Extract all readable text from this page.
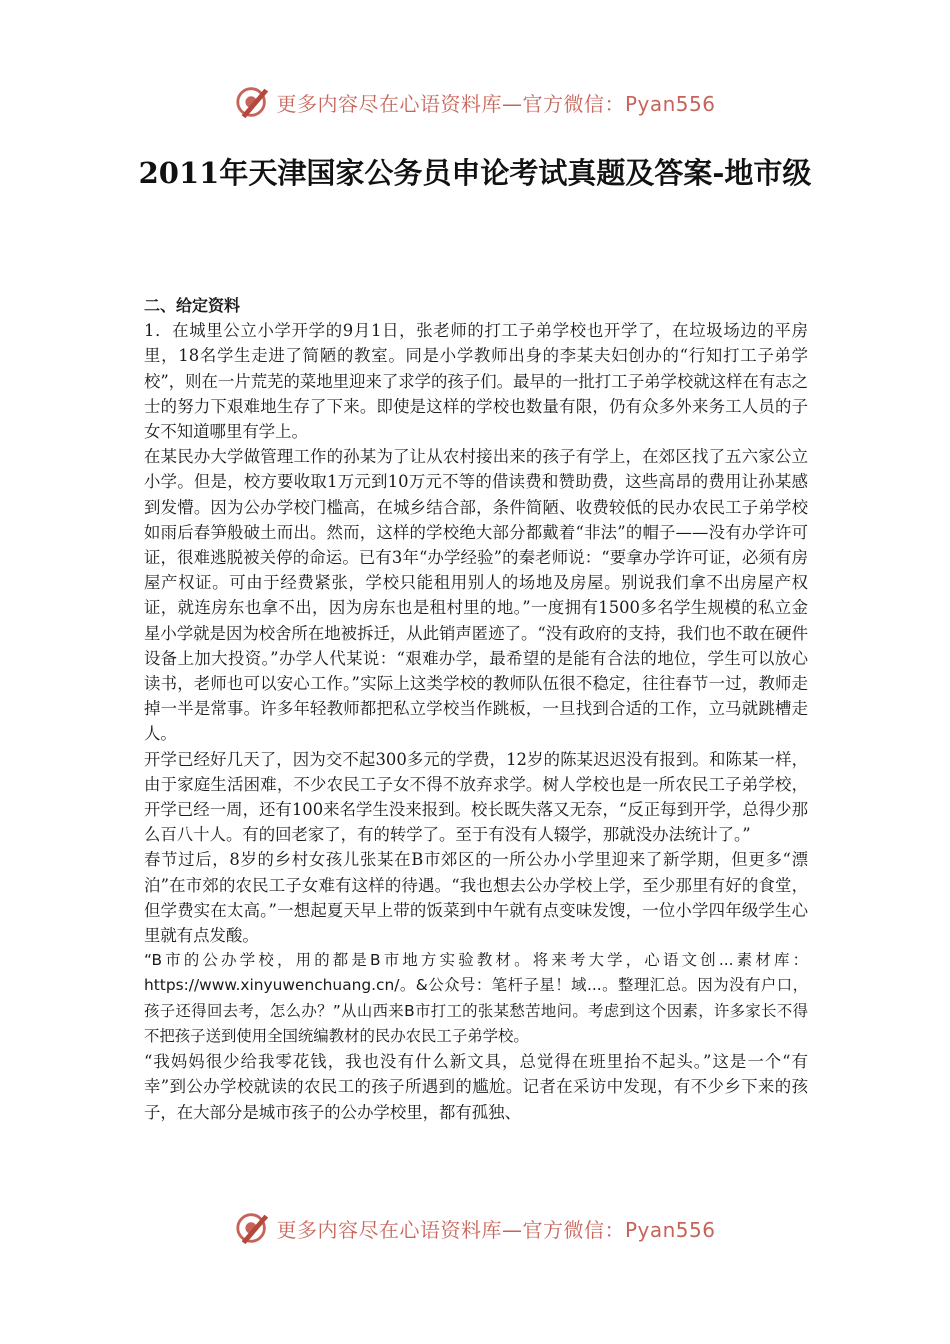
更多内容尽在心语资料库—官方微信：Pyan556
2011年天津国家公务员申论考试真题及答案-地市级

二、给定资料

1．在城里公立小学开学的9月1日，张老师的打工子弟学校也开学了，在垃圾场边的平房里，18名学生走进了简陋的教室。同是小学教师出身的李某夫妇创办的“行知打工子弟学校”，则在一片荒芜的菜地里迎来了求学的孩子们。最早的一批打工子弟学校就这样在有志之士的努力下艰难地生存了下来。即使是这样的学校也数量有限，仍有众多外来务工人员的子女不知道哪里有学上。

在某民办大学做管理工作的孙某为了让从农村接出来的孩子有学上，在郊区找了五六家公立小学。但是，校方要收取1万元到10万元不等的借读费和赞助费，这些高昂的费用让孙某感到发懵。因为公办学校门槛高，在城乡结合部，条件简陋、收费较低的民办农民工子弟学校如雨后春笋般破土而出。然而，这样的学校绝大部分都戴着“非法”的帽子——没有办学许可证，很难逃脱被关停的命运。已有3年“办学经验”的秦老师说：“要拿办学许可证，必须有房屋产权证。可由于经费紧张，学校只能租用别人的场地及房屋。别说我们拿不出房屋产权证，就连房东也拿不出，因为房东也是租村里的地。”一度拥有1500多名学生规模的私立金星小学就是因为校舍所在地被拆迁，从此销声匿迹了。“没有政府的支持，我们也不敢在硬件设备上加大投资。”办学人代某说：“艰难办学，最希望的是能有合法的地位，学生可以放心读书，老师也可以安心工作。”实际上这类学校的教师队伍很不稳定，往往春节一过，教师走掉一半是常事。许多年轻教师都把私立学校当作跳板，一旦找到合适的工作，立马就跳槽走人。

开学已经好几天了，因为交不起300多元的学费，12岁的陈某迟迟没有报到。和陈某一样，由于家庭生活困难，不少农民工子女不得不放弃求学。树人学校也是一所农民工子弟学校，开学已经一周，还有100来名学生没来报到。校长既失落又无奈，“反正每到开学，总得少那么百八十人。有的回老家了，有的转学了。至于有没有人辍学，那就没办法统计了。”

春节过后，8岁的乡村女孩儿张某在B市郊区的一所公办小学里迎来了新学期，但更多“漂泊”在市郊的农民工子女难有这样的待遇。“我也想去公办学校上学，至少那里有好的食堂，但学费实在太高。”一想起夏天早上带的饭菜到中午就有点变味发馊，一位小学四年级学生心里就有点发酸。

“B市的公办学校，用的都是B市地方实验教材。将来考大学，心语文创...素材库：https://www.xinyuwenchuang.cn/。&公众号：笔杆子星！域...。整理汇总。因为没有户口，孩子还得回去考，怎么办？”从山西来B市打工的张某愁苦地问。考虑到这个因素，许多家长不得不把孩子送到使用全国统编教材的民办农民工子弟学校。

“我妈妈很少给我零花钱，我也没有什么新文具，总觉得在班里抬不起头。”这是一个“有幸”到公办学校就读的农民工的孩子所遇到的尴尬。记者在采访中发现，有不少乡下来的孩子，在大部分是城市孩子的公办学校里，都有孤独、

更多内容尽在心语资料库—官方微信：Pyan556
